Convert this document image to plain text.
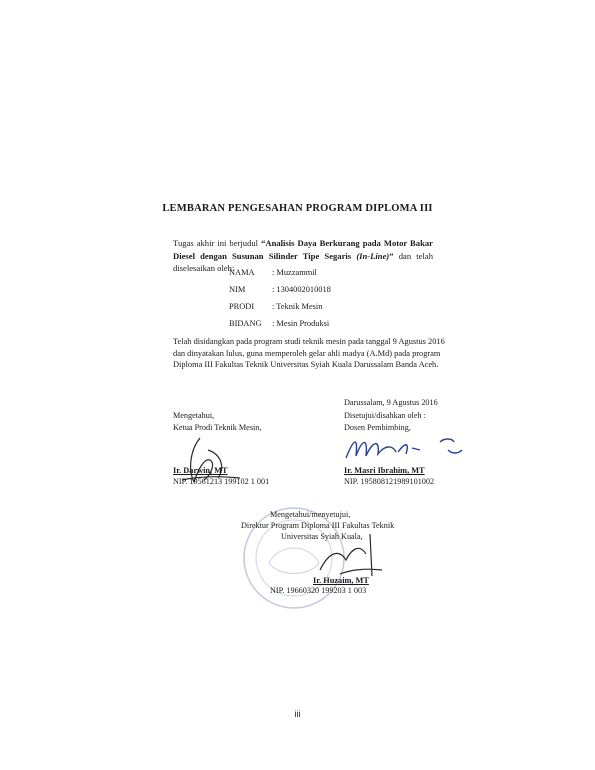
LEMBARAN PENGESAHAN PROGRAM DIPLOMA III
Tugas akhir ini berjudul “Analisis Daya Berkurang pada Motor Bakar Diesel dengan Susunan Silinder Tipe Segaris (In-Line)” dan telah diselesaikan oleh:
NAMA : Muzzammil
NIM	: 1304002010018
PRODI : Teknik Mesin
BIDANG : Mesin Produksi
Telah disidangkan pada program studi teknik mesin pada tanggal 9 Agustus 2016 dan dinyatakan lulus, guna memperoleh gelar ahli madya (A.Md) pada program Diploma III Fakultas Teknik Universitas Syiah Kuala Darussalam Banda Aceh.
Darussalam, 9 Agustus 2016
Mengetahui,
Ketua Prodi Teknik Mesin,
Disetujui/disahkan oleh :
Dosen Pembimbing,
Ir. Darwin, MT
NIP. 19561213 199102 1 001
Ir. Masri Ibrahim, MT
NIP. 195808121989101002
Mengetahui/menyetujui,
Direktur Program Diploma III Fakultas Teknik
Universitas Syiah Kuala,
Ir. Huzaim, MT
NIP. 19660320 199203 1 003
iii
